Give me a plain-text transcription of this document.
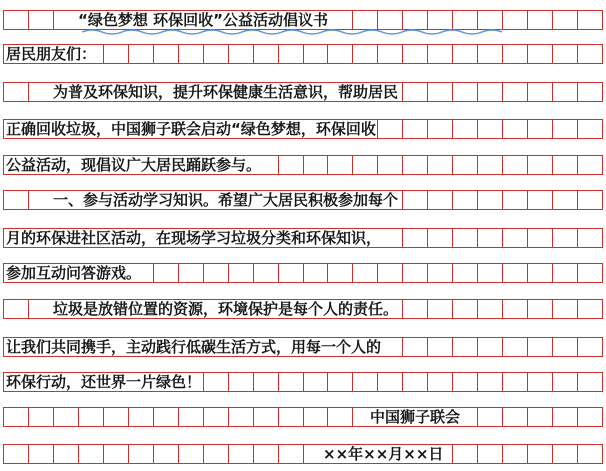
“绿色梦想 环保回收”公益活动倡议书
居民朋友们：
为普及环保知识，提升环保健康生活意识，帮助居民
正确回收垃圾，中国狮子联会启动“绿色梦想，环保回收
公益活动，现倡议广大居民踊跃参与。
一、参与活动学习知识。希望广大居民积极参加每个
月的环保进社区活动，在现场学习垃圾分类和环保知识，
参加互动问答游戏。
垃圾是放错位置的资源，环境保护是每个人的责任。
让我们共同携手，主动践行低碳生活方式，用每一个人的
环保行动，还世界一片绿色！
中国狮子联会
××年××月××日
